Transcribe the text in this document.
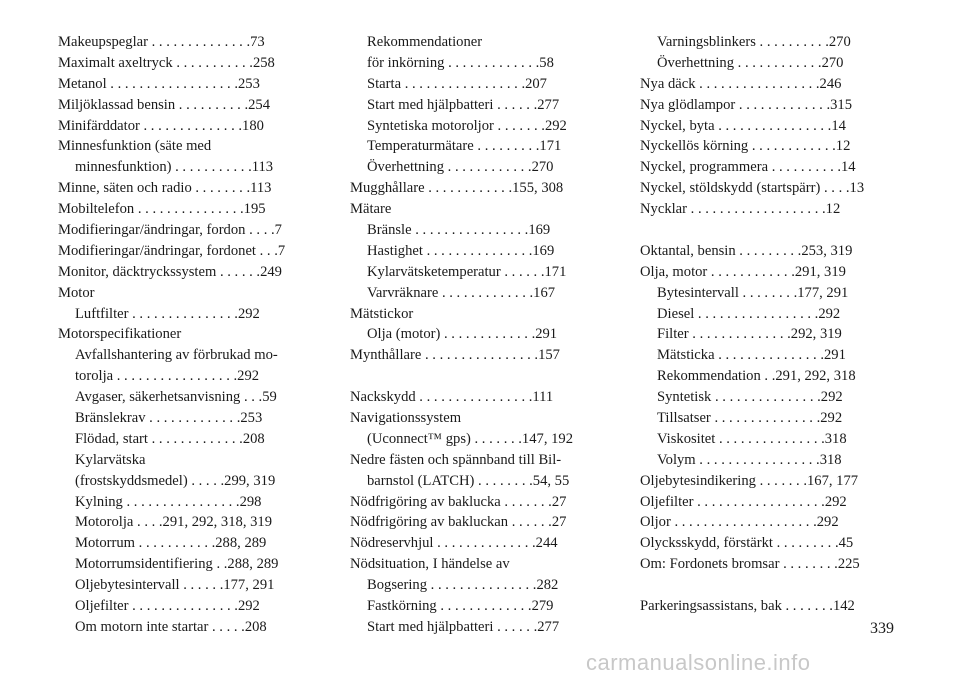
Makeupspeglar . . . . . . . . . . . . . .73
Maximalt axeltryck . . . . . . . . . . .258
Metanol . . . . . . . . . . . . . . . . . .253
Miljöklassad bensin . . . . . . . . . .254
Minifärddator . . . . . . . . . . . . . .180
Minnesfunktion (säte med
minnesfunktion) . . . . . . . . . . .113
Minne, säten och radio . . . . . . . .113
Mobiltelefon . . . . . . . . . . . . . . .195
Modifieringar/ändringar, fordon . . . .7
Modifieringar/ändringar, fordonet . . .7
Monitor, däcktryckssystem . . . . . .249
Motor
Luftfilter . . . . . . . . . . . . . . .292
Motorspecifikationer
Avfallshantering av förbrukad mo-
torolja . . . . . . . . . . . . . . . . .292
Avgaser, säkerhetsanvisning . . .59
Bränslekrav . . . . . . . . . . . . .253
Flödad, start . . . . . . . . . . . . .208
Kylarvätska
(frostskyddsmedel) . . . . .299, 319
Kylning . . . . . . . . . . . . . . . .298
Motorolja . . . .291, 292, 318, 319
Motorrum . . . . . . . . . . .288, 289
Motorrumsidentifiering . .288, 289
Oljebytesintervall . . . . . .177, 291
Oljefilter . . . . . . . . . . . . . . .292
Om motorn inte startar . . . . .208
Rekommendationer
för inkörning . . . . . . . . . . . . .58
Starta . . . . . . . . . . . . . . . . .207
Start med hjälpbatteri . . . . . .277
Syntetiska motoroljor . . . . . . .292
Temperaturmätare . . . . . . . . .171
Överhettning . . . . . . . . . . . .270
Mugghållare . . . . . . . . . . . .155, 308
Mätare
Bränsle . . . . . . . . . . . . . . . .169
Hastighet . . . . . . . . . . . . . . .169
Kylarvätsketemperatur . . . . . .171
Varvräknare . . . . . . . . . . . . .167
Mätstickor
Olja (motor) . . . . . . . . . . . . .291
Mynthållare . . . . . . . . . . . . . . . .157
Nackskydd . . . . . . . . . . . . . . . .111
Navigationssystem
(Uconnect™ gps) . . . . . . .147, 192
Nedre fästen och spännband till Bil-
barnstol (LATCH) . . . . . . . .54, 55
Nödfrigöring av baklucka . . . . . . .27
Nödfrigöring av bakluckan . . . . . .27
Nödreservhjul . . . . . . . . . . . . . .244
Nödsituation, I händelse av
Bogsering . . . . . . . . . . . . . . .282
Fastkörning . . . . . . . . . . . . .279
Start med hjälpbatteri . . . . . .277
Varningsblinkers . . . . . . . . . .270
Överhettning . . . . . . . . . . . .270
Nya däck . . . . . . . . . . . . . . . . .246
Nya glödlampor . . . . . . . . . . . . .315
Nyckel, byta . . . . . . . . . . . . . . . .14
Nyckellös körning . . . . . . . . . . . .12
Nyckel, programmera . . . . . . . . . .14
Nyckel, stöldskydd (startspärr) . . . .13
Nycklar . . . . . . . . . . . . . . . . . . .12
Oktantal, bensin . . . . . . . . .253, 319
Olja, motor . . . . . . . . . . . .291, 319
Bytesintervall . . . . . . . .177, 291
Diesel . . . . . . . . . . . . . . . . .292
Filter . . . . . . . . . . . . . .292, 319
Mätsticka . . . . . . . . . . . . . . .291
Rekommendation . .291, 292, 318
Syntetisk . . . . . . . . . . . . . . .292
Tillsatser . . . . . . . . . . . . . . .292
Viskositet . . . . . . . . . . . . . . .318
Volym . . . . . . . . . . . . . . . . .318
Oljebytesindikering . . . . . . .167, 177
Oljefilter . . . . . . . . . . . . . . . . . .292
Oljor . . . . . . . . . . . . . . . . . . . .292
Olycksskydd, förstärkt . . . . . . . . .45
Om: Fordonets bromsar . . . . . . . .225
Parkeringsassistans, bak . . . . . . .142
339
carmanualsonline.info
